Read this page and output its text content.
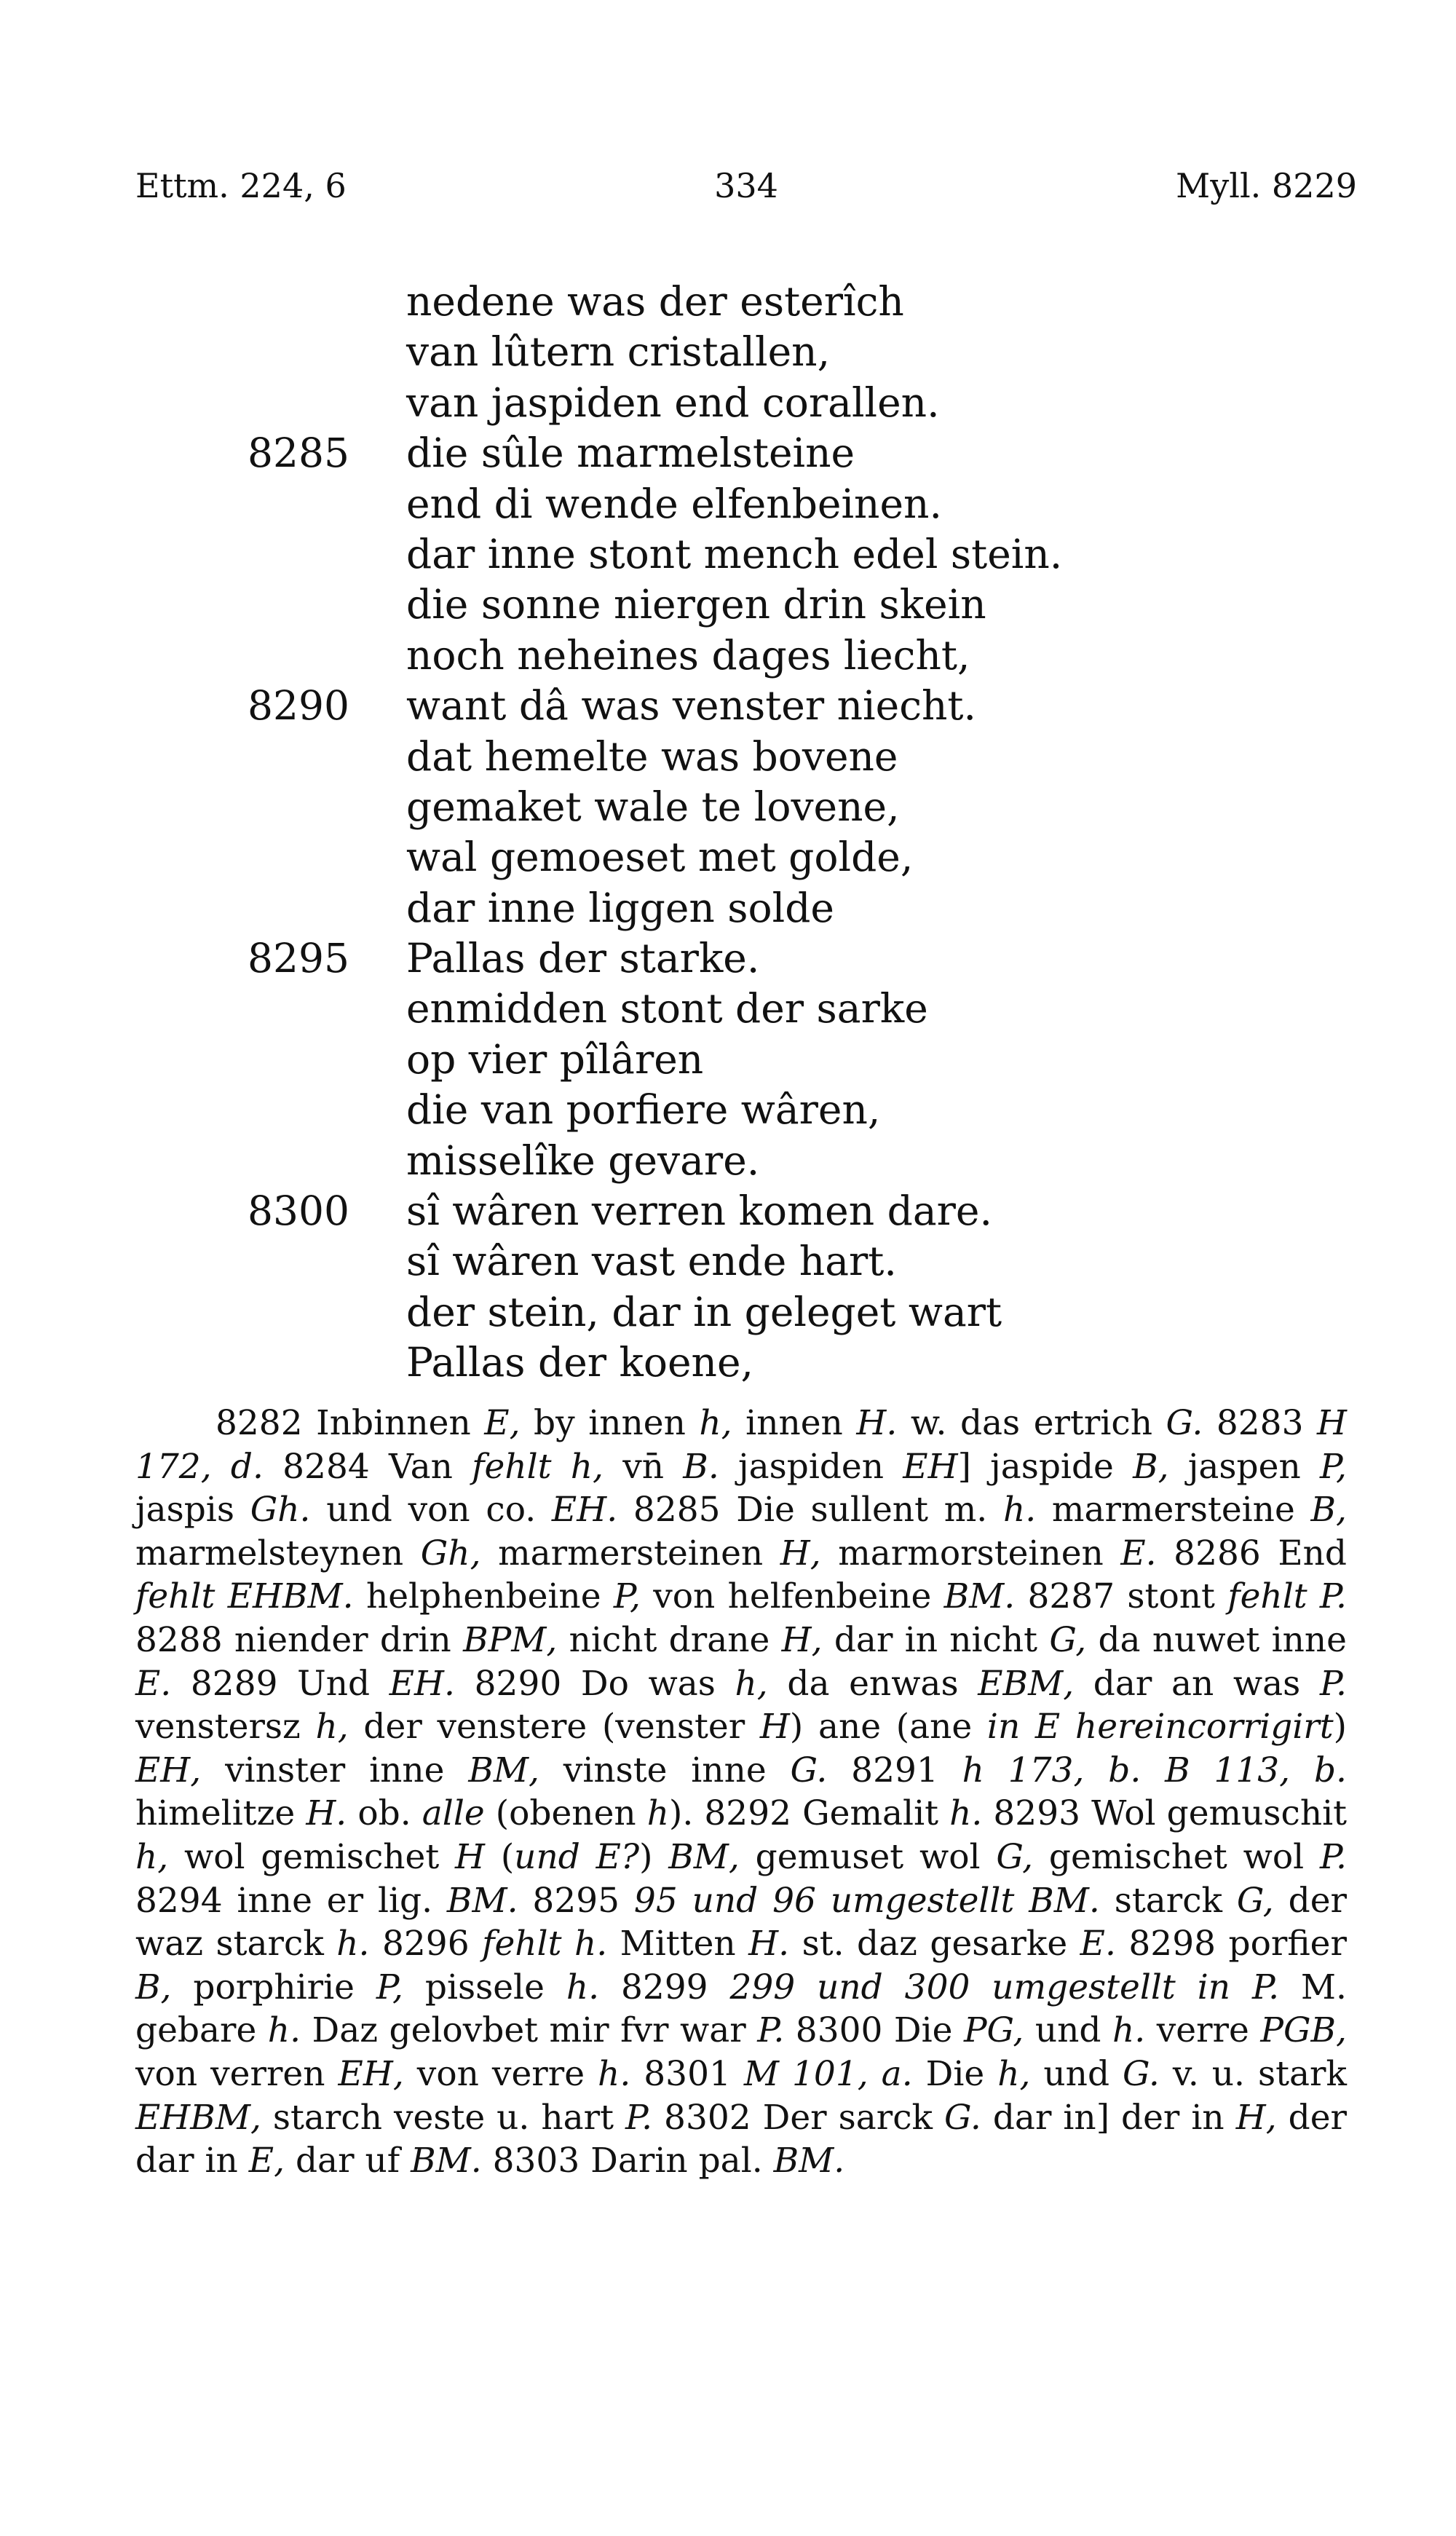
Ettm. 224, 6	334	Myll. 8229
nedene was der esterîch
van lûtern cristallen,
van jaspiden end corallen.
8285 die sûle marmelsteine
end di wende elfenbeinen.
dar inne stont mench edel stein.
die sonne niergen drin skein
noch neheines dages liecht,
8290 want dâ was venster niecht.
dat hemelte was bovene
gemaket wale te lovene,
wal gemoeset met golde,
dar inne liggen solde
8295 Pallas der starke.
enmidden stont der sarke
op vier pîlâren
die van porfiere wâren,
misselîke gevare.
8300 sî wâren verren komen dare.
sî wâren vast ende hart.
der stein, dar in geleget wart
Pallas der koene,

8282 Inbinnen E, by innen h, innen H. w. das ertrich G. 8283 H 172, d. 8284 Van fehlt h, vn̄ B. jaspiden EH] jaspide B, jaspen P, jaspis Gh. und von co. EH. 8285 Die sullent m. h. marmersteine B, marmelsteynen Gh, marmersteinen H, marmorsteinen E. 8286 End fehlt EHBM. helphenbeine P, von helfenbeine BM. 8287 stont fehlt P. 8288 niender drin BPM, nicht drane H, dar in nicht G, da nuwet inne E. 8289 Und EH. 8290 Do was h, da enwas EBM, dar an was P. venstersz h, der venstere (venster H) ane (ane in E hereincorrigirt) EH, vinster inne BM, vinste inne G. 8291 h 173, b. B 113, b. himelitze H. ob. alle (obenen h). 8292 Gemalit h. 8293 Wol gemuschit h, wol gemischet H (und E?) BM, gemuset wol G, gemischet wol P. 8294 inne er lig. BM. 8295 95 und 96 umgestellt BM. starck G, der waz starck h. 8296 fehlt h. Mitten H. st. daz gesarke E. 8298 porfier B, porphirie P, pissele h. 8299 299 und 300 umgestellt in P. M. gebare h. Daz gelovbet mir fvr war P. 8300 Die PG, und h. verre PGB, von verren EH, von verre h. 8301 M 101, a. Die h, und G. v. u. stark EHBM, starch veste u. hart P. 8302 Der sarck G. dar in] der in H, der dar in E, dar uf BM. 8303 Darin pal. BM.
